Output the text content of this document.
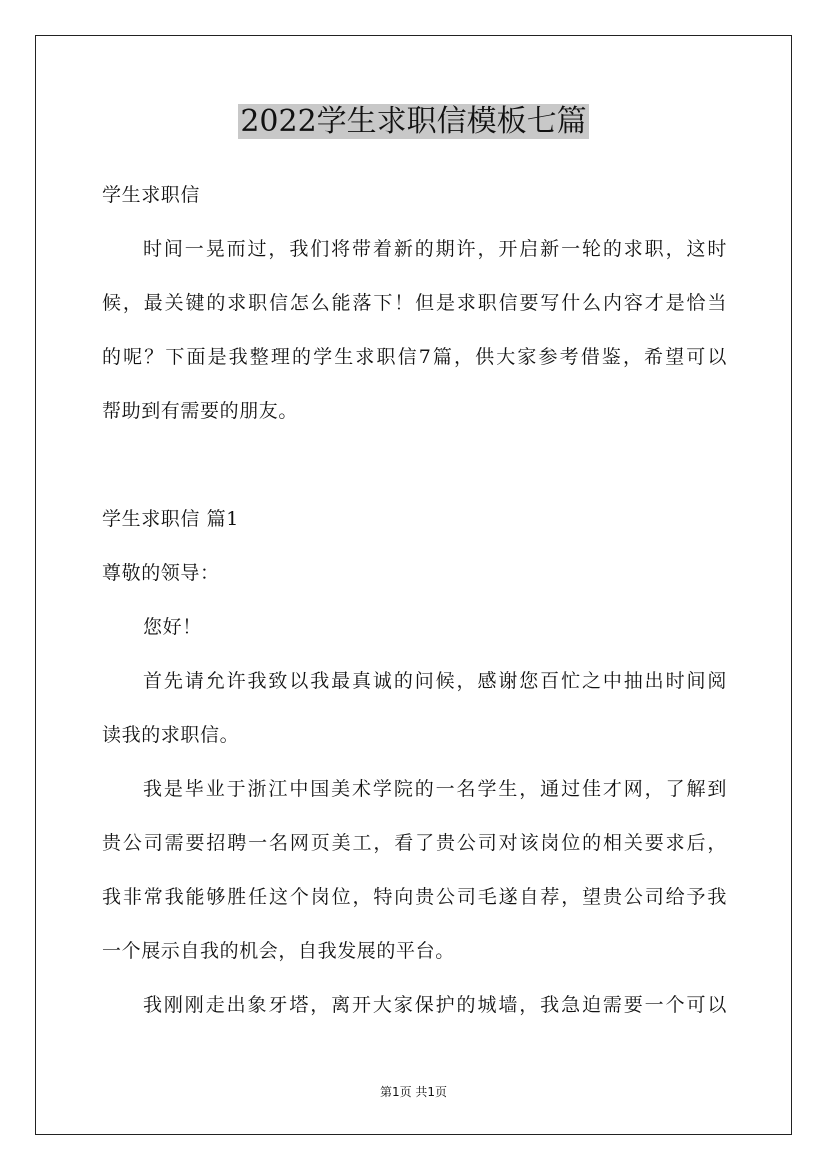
2022学生求职信模板七篇
学生求职信
时间一晃而过，我们将带着新的期许，开启新一轮的求职，这时
候，最关键的求职信怎么能落下！但是求职信要写什么内容才是恰当
的呢？下面是我整理的学生求职信7篇，供大家参考借鉴，希望可以
帮助到有需要的朋友。
学生求职信 篇1
尊敬的领导：
您好！
首先请允许我致以我最真诚的问候，感谢您百忙之中抽出时间阅
读我的求职信。
我是毕业于浙江中国美术学院的一名学生，通过佳才网，了解到
贵公司需要招聘一名网页美工，看了贵公司对该岗位的相关要求后，
我非常我能够胜任这个岗位，特向贵公司毛遂自荐，望贵公司给予我
一个展示自我的机会，自我发展的平台。
我刚刚走出象牙塔，离开大家保护的城墙，我急迫需要一个可以
第1页 共1页
